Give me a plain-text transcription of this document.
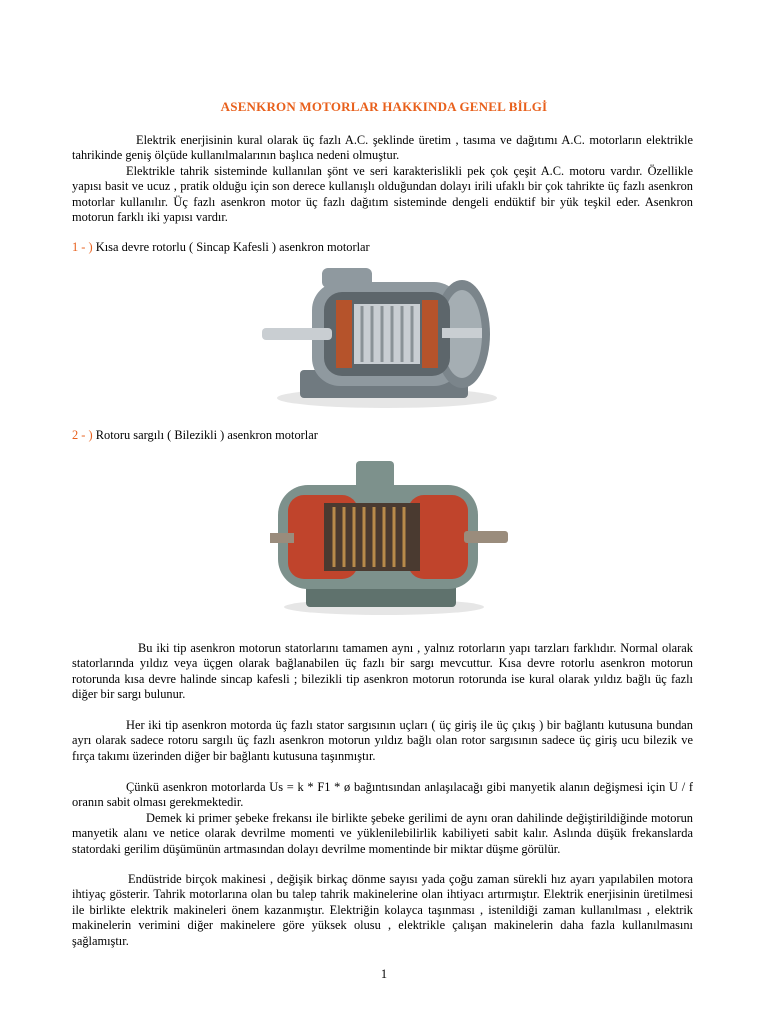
ASENKRON MOTORLAR HAKKINDA GENEL BİLGİ
Elektrik enerjisinin kural olarak üç fazlı A.C. şeklinde üretim , tasıma ve dağıtımı A.C. motorların elektrikle tahrikinde geniş ölçüde kullanılmalarının başlıca nedeni olmuştur.
Elektrikle tahrik sisteminde kullanılan şönt ve seri karakterislikli pek çok çeşit A.C. motoru vardır. Özellikle yapısı basit ve ucuz , pratik olduğu için son derece kullanışlı olduğundan dolayı irili ufaklı bir çok tahrikte üç fazlı asenkron motorlar kullanılır. Üç fazlı asenkron motor üç fazlı dağıtım sisteminde dengeli endüktif bir yük teşkil eder. Asenkron motorun farklı iki yapısı vardır.
1 - ) Kısa devre rotorlu ( Sincap Kafesli ) asenkron motorlar
2 - ) Rotoru sargılı ( Bilezikli ) asenkron motorlar
Bu iki tip asenkron motorun statorlarını tamamen aynı , yalnız rotorların yapı tarzları farklıdır. Normal olarak statorlarında yıldız veya üçgen olarak bağlanabilen üç fazlı bir sargı mevcuttur. Kısa devre rotorlu asenkron motorun rotorunda kısa devre halinde sincap kafesli ; bilezikli tip asenkron motorun rotorunda ise kural olarak yıldız bağlı üç fazlı diğer bir sargı bulunur.
Her iki tip asenkron motorda üç fazlı stator sargısının uçları ( üç giriş ile üç çıkış ) bir bağlantı kutusuna bundan ayrı olarak sadece rotoru sargılı üç fazlı asenkron motorun yıldız bağlı olan rotor sargısının sadece üç giriş ucu bilezik ve fırça takımı üzerinden diğer bir bağlantı kutusuna taşınmıştır.
Çünkü asenkron motorlarda Us = k * F1 * ø bağıntısından anlaşılacağı gibi manyetik alanın değişmesi için U / f oranın sabit olması gerekmektedir.
Demek ki primer şebeke frekansı ile birlikte şebeke gerilimi de aynı oran dahilinde değiştirildiğinde motorun manyetik alanı ve netice olarak devrilme momenti ve yüklenilebilirlik kabiliyeti sabit kalır. Aslında düşük frekanslarda statordaki gerilim düşümünün artmasından dolayı devrilme momentinde bir miktar düşme görülür.
Endüstride birçok makinesi , değişik birkaç dönme sayısı yada çoğu zaman sürekli hız ayarı yapılabilen motora ihtiyaç gösterir. Tahrik motorlarına olan bu talep tahrik makinelerine olan ihtiyacı artırmıştır. Elektrik enerjisinin üretilmesi ile birlikte elektrik makineleri önem kazanmıştır. Elektriğin kolayca taşınması , istenildiği zaman kullanılması , elektrik makinelerin verimini diğer makinelere göre yüksek olusu , elektrikle çalışan makinelerin daha fazla kullanılmasını şağlamıştır.
1
